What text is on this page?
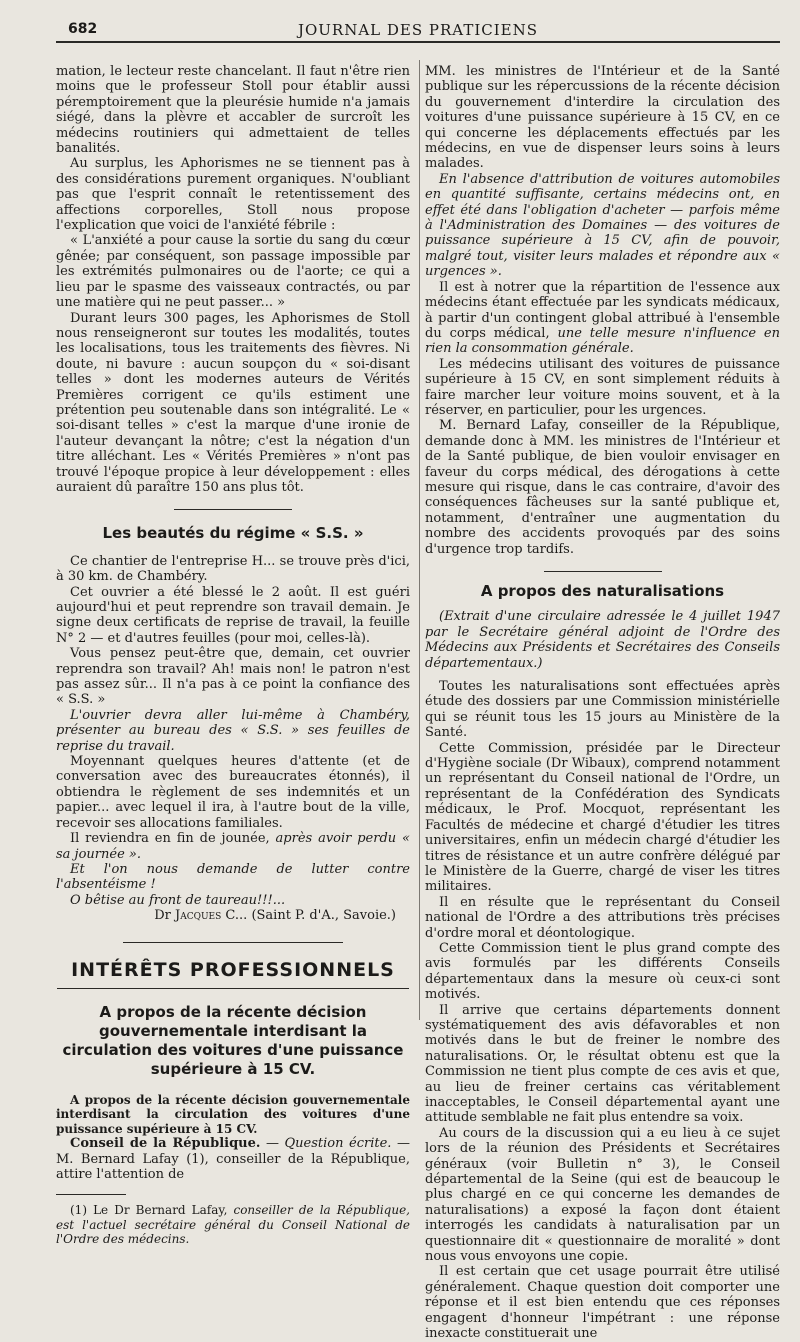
682	JOURNAL DES PRATICIENS

mation, le lecteur reste chancelant. Il faut n'être rien moins que le professeur Stoll pour établir aussi péremptoirement que la pleurésie humide n'a jamais siégé, dans la plèvre et accabler de surcroît les médecins routiniers qui admettaient de telles banalités.

Au surplus, les Aphorismes ne se tiennent pas à des considérations purement organiques. N'oubliant pas que l'esprit connaît le retentissement des affections corporelles, Stoll nous propose l'explication que voici de l'anxiété fébrile :

« L'anxiété a pour cause la sortie du sang du cœur gênée; par conséquent, son passage impossible par les extrémités pulmonaires ou de l'aorte; ce qui a lieu par le spasme des vaisseaux contractés, ou par une matière qui ne peut passer... »

Durant leurs 300 pages, les Aphorismes de Stoll nous renseigneront sur toutes les modalités, toutes les localisations, tous les traitements des fièvres. Ni doute, ni bavure : aucun soupçon du « soi-disant telles » dont les modernes auteurs de Vérités Premières corrigent ce qu'ils estiment une prétention peu soutenable dans son intégralité. Le « soi-disant telles » c'est la marque d'une ironie de l'auteur devançant la nôtre; c'est la négation d'un titre alléchant. Les « Vérités Premières » n'ont pas trouvé l'époque propice à leur développement : elles auraient dû paraître 150 ans plus tôt.

Les beautés du régime « S.S. »

Ce chantier de l'entreprise H... se trouve près d'ici, à 30 km. de Chambéry.

Cet ouvrier a été blessé le 2 août. Il est guéri aujourd'hui et peut reprendre son travail demain. Je signe deux certificats de reprise de travail, la feuille N° 2 — et d'autres feuilles (pour moi, celles-là).

Vous pensez peut-être que, demain, cet ouvrier reprendra son travail? Ah! mais non! le patron n'est pas assez sûr... Il n'a pas à ce point la confiance des « S.S. »

L'ouvrier devra aller lui-même à Chambéry, présenter au bureau des « S.S. » ses feuilles de reprise du travail.

Moyennant quelques heures d'attente (et de conversation avec des bureaucrates étonnés), il obtiendra le règlement de ses indemnités et un papier... avec lequel il ira, à l'autre bout de la ville, recevoir ses allocations familiales.

Il reviendra en fin de jounée, après avoir perdu « sa journée ».

Et l'on nous demande de lutter contre l'absentéisme !

O bêtise au front de taureau!!!...

Dr Jacques C... (Saint P. d'A., Savoie.)

INTÉRÊTS PROFESSIONNELS

A propos de la récente décision gouvernementale interdisant la circulation des voitures d'une puissance supérieure à 15 CV.

A propos de la récente décision gouvernementale interdisant la circulation des voitures d'une puissance supérieure à 15 CV.

Conseil de la République. — Question écrite. — M. Bernard Lafay (1), conseiller de la République, attire l'attention de

(1) Le Dr Bernard Lafay, conseiller de la République, est l'actuel secrétaire général du Conseil National de l'Ordre des médecins.

MM. les ministres de l'Intérieur et de la Santé publique sur les répercussions de la récente décision du gouvernement d'interdire la circulation des voitures d'une puissance supérieure à 15 CV, en ce qui concerne les déplacements effectués par les médecins, en vue de dispenser leurs soins à leurs malades.

En l'absence d'attribution de voitures automobiles en quantité suffisante, certains médecins ont, en effet été dans l'obligation d'acheter — parfois même à l'Administration des Domaines — des voitures de puissance supérieure à 15 CV, afin de pouvoir, malgré tout, visiter leurs malades et répondre aux « urgences ».

Il est à notrer que la répartition de l'essence aux médecins étant effectuée par les syndicats médicaux, à partir d'un contingent global attribué à l'ensemble du corps médical, une telle mesure n'influence en rien la consommation générale.

Les médecins utilisant des voitures de puissance supérieure à 15 CV, en sont simplement réduits à faire marcher leur voiture moins souvent, et à la réserver, en particulier, pour les urgences.

M. Bernard Lafay, conseiller de la République, demande donc à MM. les ministres de l'Intérieur et de la Santé publique, de bien vouloir envisager en faveur du corps médical, des dérogations à cette mesure qui risque, dans le cas contraire, d'avoir des conséquences fâcheuses sur la santé publique et, notamment, d'entraîner une augmentation du nombre des accidents provoqués par des soins d'urgence trop tardifs.

A propos des naturalisations

(Extrait d'une circulaire adressée le 4 juillet 1947 par le Secrétaire général adjoint de l'Ordre des Médecins aux Présidents et Secrétaires des Conseils départementaux.)

Toutes les naturalisations sont effectuées après étude des dossiers par une Commission ministérielle qui se réunit tous les 15 jours au Ministère de la Santé.

Cette Commission, présidée par le Directeur d'Hygiène sociale (Dr Wibaux), comprend notamment un représentant du Conseil national de l'Ordre, un représentant de la Confédération des Syndicats médicaux, le Prof. Mocquot, représentant les Facultés de médecine et chargé d'étudier les titres universitaires, enfin un médecin chargé d'étudier les titres de résistance et un autre confrère délégué par le Ministère de la Guerre, chargé de viser les titres militaires.

Il en résulte que le représentant du Conseil national de l'Ordre a des attributions très précises d'ordre moral et déontologique.

Cette Commission tient le plus grand compte des avis formulés par les différents Conseils départementaux dans la mesure où ceux-ci sont motivés.

Il arrive que certains départements donnent systématiquement des avis défavorables et non motivés dans le but de freiner le nombre des naturalisations. Or, le résultat obtenu est que la Commission ne tient plus compte de ces avis et que, au lieu de freiner certains cas véritablement inacceptables, le Conseil départemental ayant une attitude semblable ne fait plus entendre sa voix.

Au cours de la discussion qui a eu lieu à ce sujet lors de la réunion des Présidents et Secrétaires généraux (voir Bulletin n° 3), le Conseil départemental de la Seine (qui est de beaucoup le plus chargé en ce qui concerne les demandes de naturalisations) a exposé la façon dont étaient interrogés les candidats à naturalisation par un questionnaire dit « questionnaire de moralité » dont nous vous envoyons une copie.

Il est certain que cet usage pourrait être utilisé généralement. Chaque question doit comporter une réponse et il est bien entendu que ces réponses engagent d'honneur l'impétrant : une réponse inexacte constituerait une
